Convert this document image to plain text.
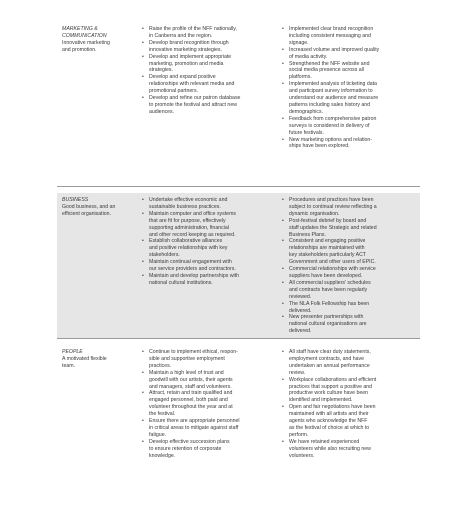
MARKETING &
COMMUNICATION
Innovative marketing
and promotion.
• Raise the profile of the NFF nationally,
in Canberra and the region.
• Develop brand recognition through
innovative marketing strategies.
• Develop and implement appropriate
marketing, promotion and media
strategies.
• Develop and expand positive
relationships with relevant media and
promotional partners.
• Develop and refine our patron database
to promote the festival and attract new
audiences.
• Implemented clear brand recognition
including consistent messaging and
signage.
• Increased volume and improved quality
of media activity.
• Strengthened the NFF website and
social media presence across all
platforms.
• Implemented analysis of ticketing data
and participant survey information to
understand our audience and measure
patterns including sales history and
demographics.
• Feedback from comprehensive patron
surveys is considered in delivery of
future festivals.
• New marketing options and relation-
ships have been explored.
BUSINESS
Good business, and an
efficient organisation.
• Undertake effective economic and
sustainable business practices.
• Maintain computer and office systems
that are fit for purpose, effectively
supporting administration, financial
and other record keeping as required.
• Establish collaborative alliances
and positive relationships with key
stakeholders.
• Maintain continual engagement with
our service providers and contractors.
• Maintain and develop partnerships with
national cultural institutions.
• Procedures and practices have been
subject to continual review reflecting a
dynamic organisation.
• Post-festival debrief by board and
staff updates the Strategic and related
Business Plans.
• Consistent and engaging positive
relationships are maintained with
key stakeholders particularly ACT
Government and other users of EPIC.
• Commercial relationships with service
suppliers have been developed.
• All commercial suppliers' schedules
and contracts have been regularly
reviewed.
• The NLA Folk Fellowship has been
delivered.
• New presenter partnerships with
national cultural organisations are
delivered.
PEOPLE
A motivated flexible
team.
• Continue to implement ethical, respon-
sible and supportive employment
practices.
• Maintain a high level of trust and
goodwill with our artists, their agents
and managers, staff and volunteers.
• Attract, retain and train qualified and
engaged personnel, both paid and
volunteer throughout the year and at
the festival.
• Ensure there are appropriate personnel
in critical areas to mitigate against staff
fatigue.
• Develop effective succession plans
to ensure retention of corporate
knowledge.
• All staff have clear duty statements,
employment contracts, and have
undertaken an annual performance
review.
• Workplace collaborations and efficient
practices that support a positive and
productive work culture have been
identified and implemented.
• Open and fair negotiations have been
maintained with all artists and their
agents who acknowledge the NFF
as the festival of choice at which to
perform.
• We have retained experienced
volunteers while also recruiting new
volunteers.
